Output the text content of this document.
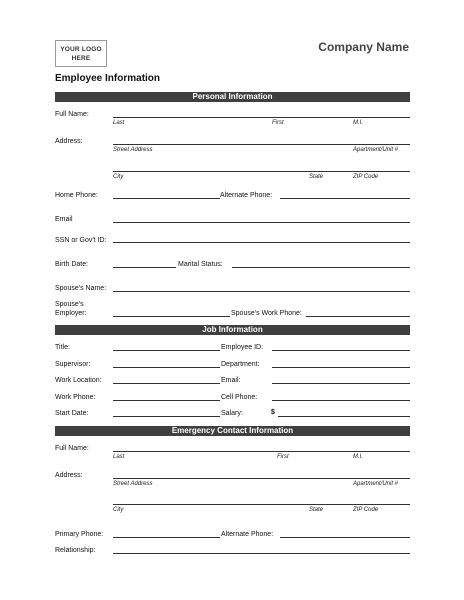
YOUR LOGO
HERE
Company Name
Employee Information
Personal Information
Full Name:
Last	First	M.I.
Address:
Street Address	Apartment/Unit #
City	State	ZIP Code
Home Phone:	Alternate Phone:
Email
SSN or Gov't ID:
Birth Date:	Marital Status:
Spouse's Name:
Spouse's
Employer:	Spouse's Work Phone:
Job Information
Title:	Employee ID:
Supervisor:	Department:
Work Location:	Email:
Work Phone:	Cell Phone:
Start Date:	Salary:	$
Emergency Contact Information
Full Name:
Last	First	M.I.
Address:
Street Address	Apartment/Unit #
City	State	ZIP Code
Primary Phone:	Alternate Phone:
Relationship:
